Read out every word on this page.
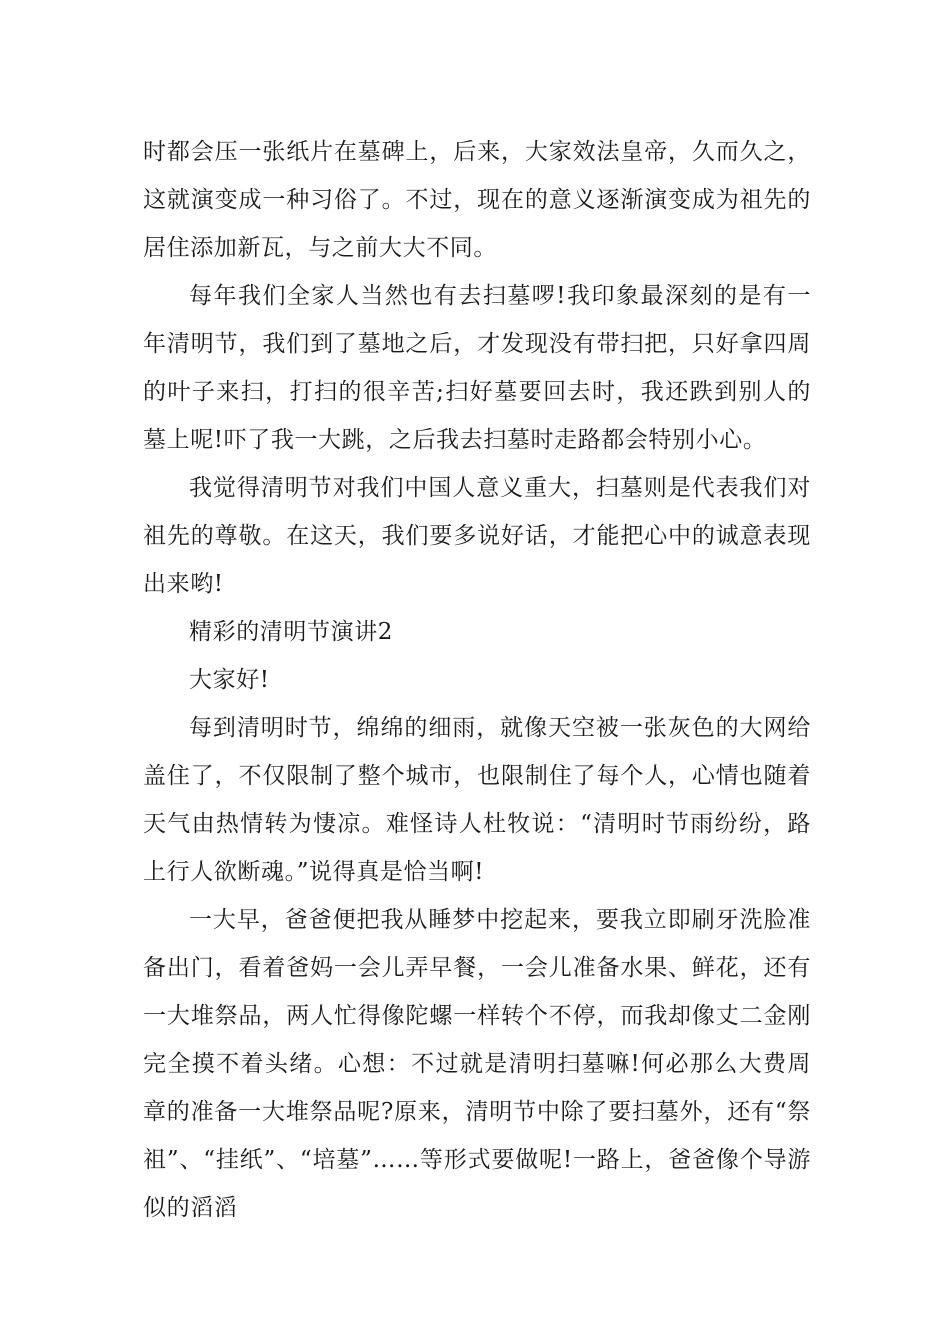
时都会压一张纸片在墓碑上，后来，大家效法皇帝，久而久之，这就演变成一种习俗了。不过，现在的意义逐渐演变成为祖先的居住添加新瓦，与之前大大不同。

每年我们全家人当然也有去扫墓啰!我印象最深刻的是有一年清明节，我们到了墓地之后，才发现没有带扫把，只好拿四周的叶子来扫，打扫的很辛苦;扫好墓要回去时，我还跌到别人的墓上呢!吓了我一大跳，之后我去扫墓时走路都会特别小心。

我觉得清明节对我们中国人意义重大，扫墓则是代表我们对祖先的尊敬。在这天，我们要多说好话，才能把心中的诚意表现出来哟!

精彩的清明节演讲2

大家好!

每到清明时节，绵绵的细雨，就像天空被一张灰色的大网给盖住了，不仅限制了整个城市，也限制住了每个人，心情也随着天气由热情转为悽凉。难怪诗人杜牧说：“清明时节雨纷纷，路上行人欲断魂。”说得真是恰当啊!

一大早，爸爸便把我从睡梦中挖起来，要我立即刷牙洗脸准备出门，看着爸妈一会儿弄早餐，一会儿准备水果、鲜花，还有一大堆祭品，两人忙得像陀螺一样转个不停，而我却像丈二金刚完全摸不着头绪。心想：不过就是清明扫墓嘛!何必那么大费周章的准备一大堆祭品呢?原来，清明节中除了要扫墓外，还有“祭祖”、“挂纸”、“培墓”……等形式要做呢!一路上，爸爸像个导游似的滔滔
